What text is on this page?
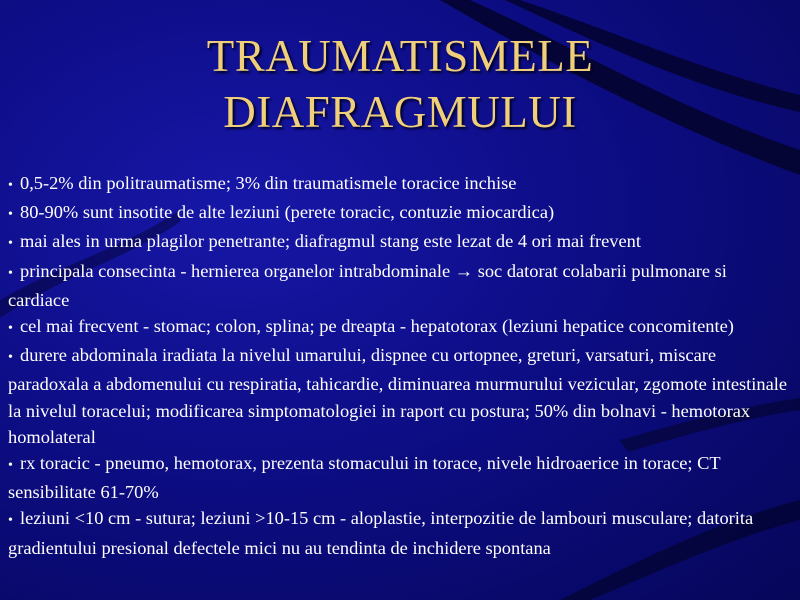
TRAUMATISMELE
DIAFRAGMULUI
• 0,5-2% din politraumatisme; 3% din traumatismele toracice inchise
• 80-90% sunt insotite de alte leziuni (perete toracic, contuzie miocardica)
• mai ales in urma plagilor penetrante; diafragmul stang este lezat de 4 ori mai frevent
• principala consecinta - hernierea organelor intrabdominale → soc datorat colabarii pulmonare si cardiace
• cel mai frecvent - stomac; colon, splina; pe dreapta - hepatotorax (leziuni hepatice concomitente)
• durere abdominala iradiata la nivelul umarului, dispnee cu ortopnee, greturi, varsaturi, miscare paradoxala a abdomenului cu respiratia, tahicardie, diminuarea murmurului vezicular, zgomote intestinale la nivelul toracelui; modificarea simptomatologiei in raport cu postura; 50% din bolnavi - hemotorax homolateral
• rx toracic - pneumo, hemotorax, prezenta stomacului in torace, nivele hidroaerice in torace; CT sensibilitate 61-70%
• leziuni <10 cm - sutura; leziuni >10-15 cm - aloplastie, interpozitie de lambouri musculare; datorita gradientului presional defectele mici nu au tendinta de inchidere spontana
